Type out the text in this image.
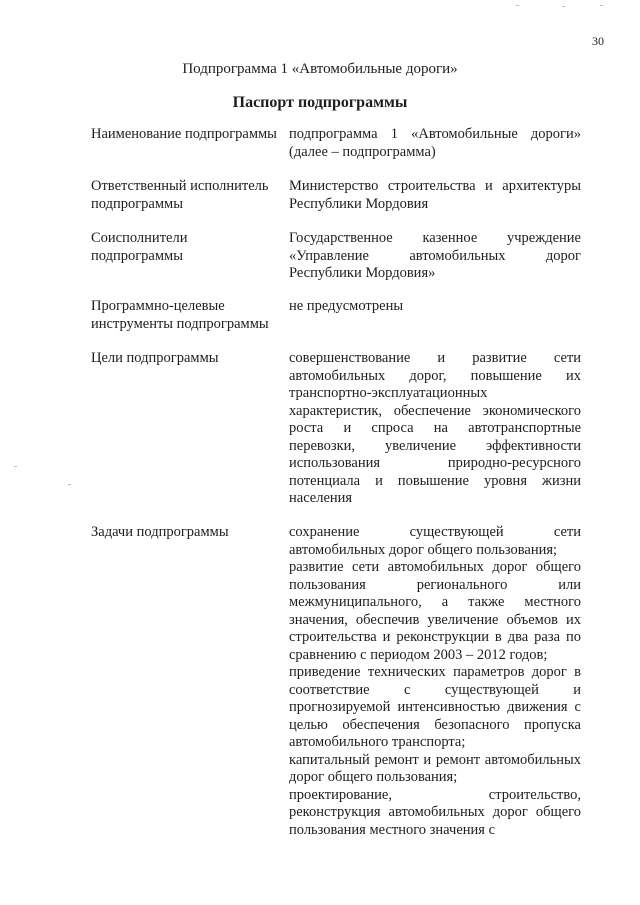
30
Подпрограмма 1 «Автомобильные дороги»
Паспорт подпрограммы
Наименование подпрограммы подпрограмма 1 «Автомобильные дороги» (далее – подпрограмма)

Ответственный исполнитель подпрограммы

Министерство строительства и архитектуры Республики Мордовия

Соисполнители подпрограммы

Государственное казенное учреждение «Управление автомобильных дорог Республики Мордовия»

Программно-целевые инструменты подпрограммы

не предусмотрены

Цели подпрограммы	совершенствование и развитие сети автомобильных дорог, повышение их транспортно-эксплуатационных характеристик, обеспечение экономического роста и спроса на автотранспортные перевозки, увеличение эффективности использования природно-ресурсного потенциала и повышение уровня жизни населения

Задачи подпрограммы	сохранение существующей сети автомобильных дорог общего пользования;

развитие сети автомобильных дорог общего пользования регионального или межмуниципального, а также местного значения, обеспечив увеличение объемов их строительства и реконструкции в два раза по сравнению с периодом 2003 – 2012 годов;

приведение технических параметров дорог в соответствие с существующей и прогнозируемой интенсивностью движения с целью обеспечения безопасного пропуска автомобильного транспорта;

капитальный ремонт и ремонт автомобильных дорог общего пользования;

проектирование, строительство, реконструкция автомобильных дорог общего пользования местного значения с
